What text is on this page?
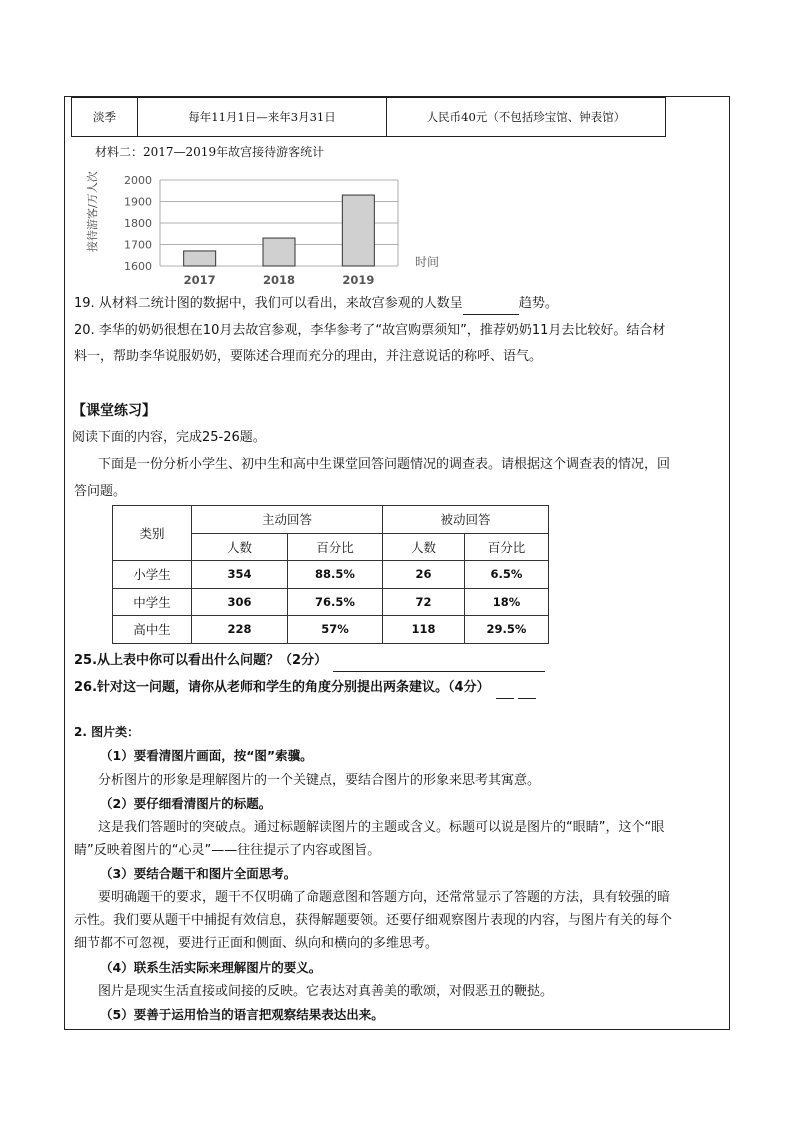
淡季	每年11月1日—来年3月31日	人民币40元（不包括珍宝馆、钟表馆）
材料二：2017—2019年故宫接待游客统计
接待游客/万人次
1600
1700
1800
1900
2000
2017	2018	2019
时间
19. 从材料二统计图的数据中，我们可以看出，来故宫参观的人数呈	趋势。
20. 李华的奶奶很想在10月去故宫参观，李华参考了“故宫购票须知”，推荐奶奶11月去比较好。结合材
料一，帮助李华说服奶奶，要陈述合理而充分的理由，并注意说话的称呼、语气。
【课堂练习】
阅读下面的内容，完成25-26题。
下面是一份分析小学生、初中生和高中生课堂回答问题情况的调查表。请根据这个调查表的情况，回
答问题。
类别	主动回答		被动回答	
	人数	百分比	人数	百分比
小学生	354	88.5%	26	6.5%
中学生	306	76.5%	72	18%
高中生	228	57%	118	29.5%
25.从上表中你可以看出什么问题？（2分）
26.针对这一问题，请你从老师和学生的角度分别提出两条建议。（4分）
2. 图片类：
（1）要看清图片画面，按“图”索骥。
分析图片的形象是理解图片的一个关键点，要结合图片的形象来思考其寓意。
（2）要仔细看清图片的标题。
这是我们答题时的突破点。通过标题解读图片的主题或含义。标题可以说是图片的“眼睛”，这个“眼
睛”反映着图片的“心灵”——往往提示了内容或图旨。
（3）要结合题干和图片全面思考。
要明确题干的要求，题干不仅明确了命题意图和答题方向，还常常显示了答题的方法，具有较强的暗
示性。我们要从题干中捕捉有效信息，获得解题要领。还要仔细观察图片表现的内容，与图片有关的每个
细节都不可忽视，要进行正面和侧面、纵向和横向的多维思考。
（4）联系生活实际来理解图片的要义。
图片是现实生活直接或间接的反映。它表达对真善美的歌颂，对假恶丑的鞭挞。
（5）要善于运用恰当的语言把观察结果表达出来。
